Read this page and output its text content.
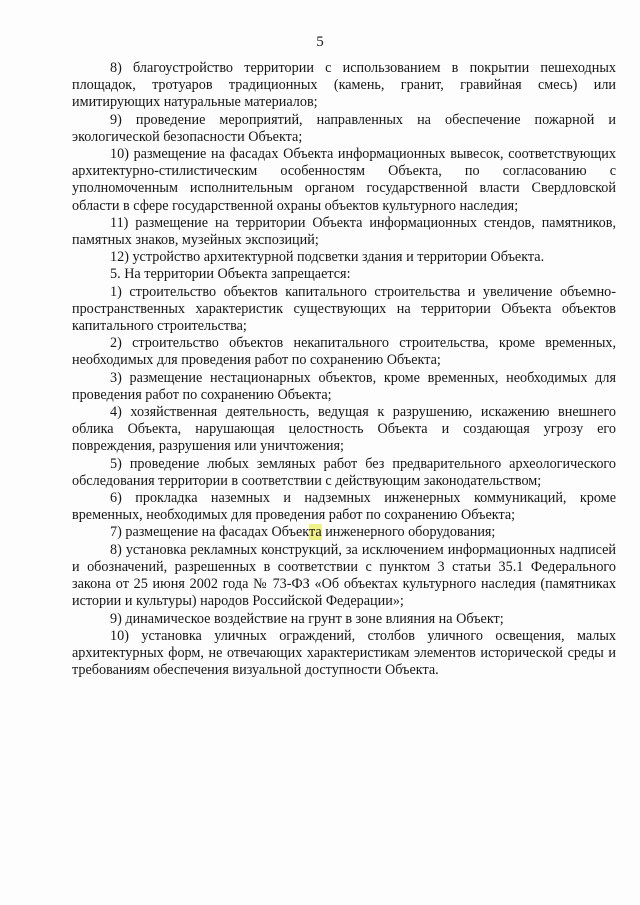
5

8) благоустройство территории с использованием в покрытии пешеходных площадок, тротуаров традиционных (камень, гранит, гравийная смесь) или имитирующих натуральные материалов;

9) проведение мероприятий, направленных на обеспечение пожарной и экологической безопасности Объекта;

10) размещение на фасадах Объекта информационных вывесок, соответствующих архитектурно-стилистическим особенностям Объекта, по согласованию с уполномоченным исполнительным органом государственной власти Свердловской области в сфере государственной охраны объектов культурного наследия;

11) размещение на территории Объекта информационных стендов, памятников, памятных знаков, музейных экспозиций;

12) устройство архитектурной подсветки здания и территории Объекта.

5. На территории Объекта запрещается:

1) строительство объектов капитального строительства и увеличение объемно-пространственных характеристик существующих на территории Объекта объектов капитального строительства;

2) строительство объектов некапитального строительства, кроме временных, необходимых для проведения работ по сохранению Объекта;

3) размещение нестационарных объектов, кроме временных, необходимых для проведения работ по сохранению Объекта;

4) хозяйственная деятельность, ведущая к разрушению, искажению внешнего облика Объекта, нарушающая целостность Объекта и создающая угрозу его повреждения, разрушения или уничтожения;

5) проведение любых земляных работ без предварительного археологического обследования территории в соответствии с действующим законодательством;

6) прокладка наземных и надземных инженерных коммуникаций, кроме временных, необходимых для проведения работ по сохранению Объекта;

7) размещение на фасадах Объекта инженерного оборудования;

8) установка рекламных конструкций, за исключением информационных надписей и обозначений, разрешенных в соответствии с пунктом 3 статьи 35.1 Федерального закона от 25 июня 2002 года № 73-ФЗ «Об объектах культурного наследия (памятниках истории и культуры) народов Российской Федерации»;

9) динамическое воздействие на грунт в зоне влияния на Объект;

10) установка уличных ограждений, столбов уличного освещения, малых архитектурных форм, не отвечающих характеристикам элементов исторической среды и требованиям обеспечения визуальной доступности Объекта.
